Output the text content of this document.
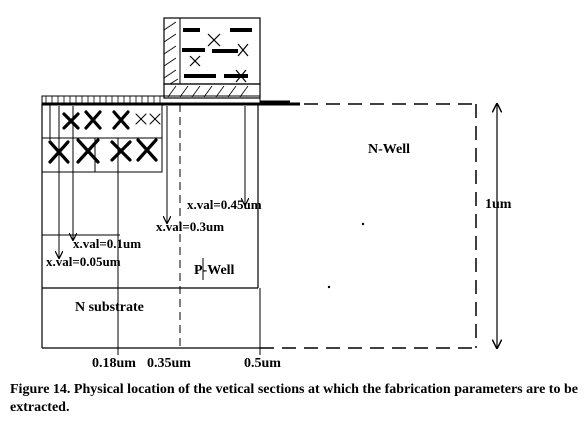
N-Well
P-Well
N substrate
x.val=0.45um
x.val=0.3um
x.val=0.1um
x.val=0.05um
1um
0.18um 0.35um	0.5um
Figure 14. Physical location of the vetical sections at which the fabrication parameters are to be extracted.
